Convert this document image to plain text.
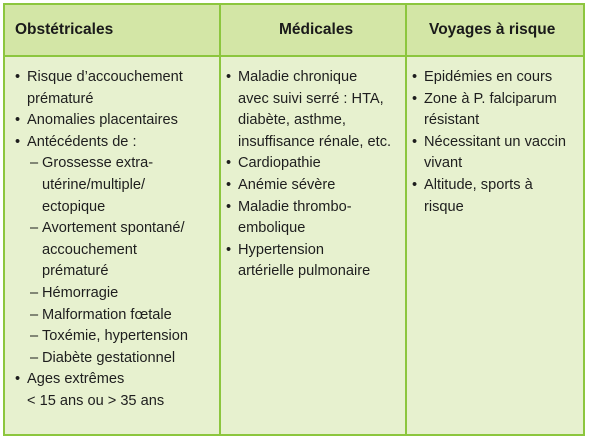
Obstétricales	Médicales	Voyages à risque
• Risque d’accouchement
prématuré
• Anomalies placentaires
• Antécédents de :
– Grossesse extra-
utérine/multiple/
ectopique
– Avortement spontané/
accouchement
prématuré
– Hémorragie
– Malformation fœtale
– Toxémie, hypertension
– Diabète gestationnel
• Ages extrêmes
< 15 ans ou > 35 ans
• Maladie chronique
avec suivi serré : HTA,
diabète, asthme,
insuffisance rénale, etc.
• Cardiopathie
• Anémie sévère
• Maladie thrombo-
embolique
• Hypertension
artérielle pulmonaire
• Epidémies en cours
• Zone à P. falciparum
résistant
• Nécessitant un vaccin
vivant
• Altitude, sports à
risque
